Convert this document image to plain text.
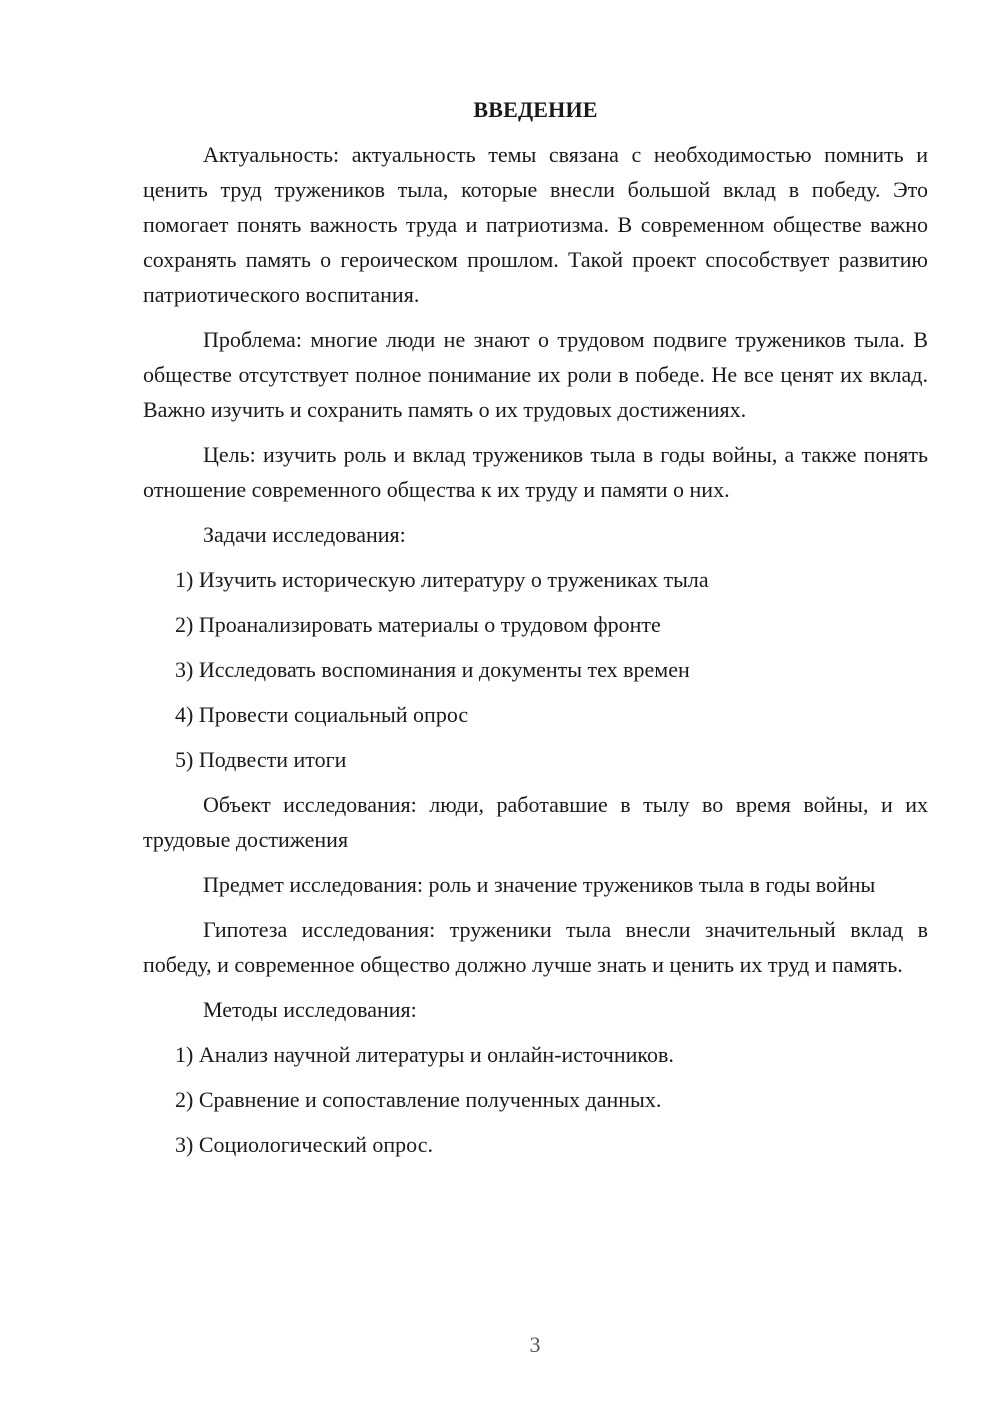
ВВЕДЕНИЕ

Актуальность: актуальность темы связана с необходимостью помнить и ценить труд тружеников тыла, которые внесли большой вклад в победу. Это помогает понять важность труда и патриотизма. В современном обществе важно сохранять память о героическом прошлом. Такой проект способствует развитию патриотического воспитания.

Проблема: многие люди не знают о трудовом подвиге тружеников тыла. В обществе отсутствует полное понимание их роли в победе. Не все ценят их вклад. Важно изучить и сохранить память о их трудовых достижениях.

Цель: изучить роль и вклад тружеников тыла в годы войны, а также понять отношение современного общества к их труду и памяти о них.

Задачи исследования:

1) Изучить историческую литературу о тружениках тыла
2) Проанализировать материалы о трудовом фронте
3) Исследовать воспоминания и документы тех времен
4) Провести социальный опрос
5) Подвести итоги

Объект исследования: люди, работавшие в тылу во время войны, и их трудовые достижения

Предмет исследования: роль и значение тружеников тыла в годы войны

Гипотеза исследования: труженики тыла внесли значительный вклад в победу, и современное общество должно лучше знать и ценить их труд и память.

Методы исследования:

1) Анализ научной литературы и онлайн-источников.
2) Сравнение и сопоставление полученных данных.
3) Социологический опрос.
3
